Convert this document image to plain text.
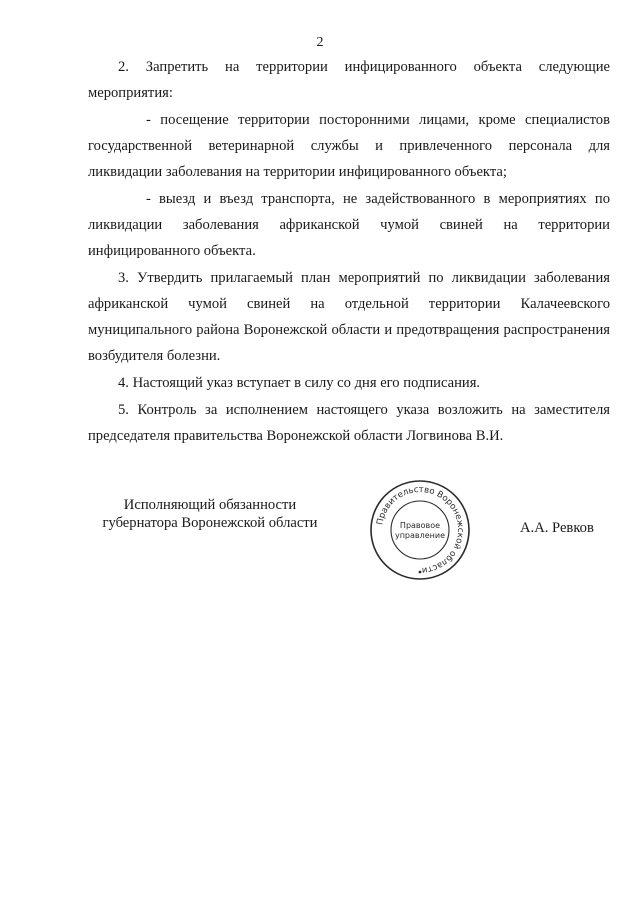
2

2. Запретить на территории инфицированного объекта следующие мероприятия:

- посещение территории посторонними лицами, кроме специалистов государственной ветеринарной службы и привлеченного персонала для ликвидации заболевания на территории инфицированного объекта;

- выезд и въезд транспорта, не задействованного в мероприятиях по ликвидации заболевания африканской чумой свиней на территории инфицированного объекта.

3. Утвердить прилагаемый план мероприятий по ликвидации заболевания африканской чумой свиней на отдельной территории Калачеевского муниципального района Воронежской области и предотвращения распространения возбудителя болезни.

4. Настоящий указ вступает в силу со дня его подписания.

5. Контроль за исполнением настоящего указа возложить на заместителя председателя правительства Воронежской области Логвинова В.И.

Исполняющий обязанности
губернатора Воронежской области	Правительство Воронежской области
Правовое
управление	А.А. Ревков
